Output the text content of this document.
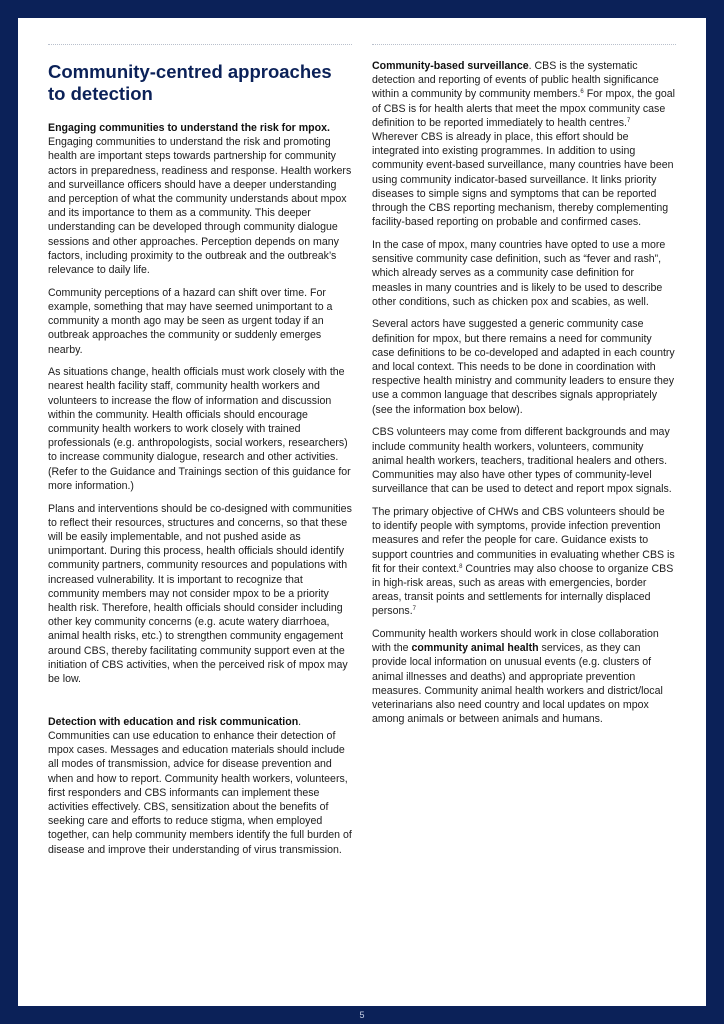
Community-centred approaches to detection

Engaging communities to understand the risk for mpox. Engaging communities to understand the risk and promoting health are important steps towards partnership for community actors in preparedness, readiness and response. Health workers and surveillance officers should have a deeper understanding and perception of what the community understands about mpox and its importance to them as a community. This deeper understanding can be developed through community dialogue sessions and other approaches. Perception depends on many factors, including proximity to the outbreak and the outbreak’s relevance to daily life.

Community perceptions of a hazard can shift over time. For example, something that may have seemed unimportant to a community a month ago may be seen as urgent today if an outbreak approaches the community or suddenly emerges nearby.

As situations change, health officials must work closely with the nearest health facility staff, community health workers and volunteers to increase the flow of information and discussion within the community. Health officials should encourage community health workers to work closely with trained professionals (e.g. anthropologists, social workers, researchers) to increase community dialogue, research and other activities. (Refer to the Guidance and Trainings section of this guidance for more information.)

Plans and interventions should be co-designed with communities to reflect their resources, structures and concerns, so that these will be easily implementable, and not pushed aside as unimportant. During this process, health officials should identify community partners, community resources and populations with increased vulnerability. It is important to recognize that community members may not consider mpox to be a priority health risk. Therefore, health officials should consider including other key community concerns (e.g. acute watery diarrhoea, animal health risks, etc.) to strengthen community engagement around CBS, thereby facilitating community support even at the initiation of CBS activities, when the perceived risk of mpox may be low.

Detection with education and risk communication. Communities can use education to enhance their detection of mpox cases. Messages and education materials should include all modes of transmission, advice for disease prevention and when and how to report. Community health workers, volunteers, first responders and CBS informants can implement these activities effectively. CBS, sensitization about the benefits of seeking care and efforts to reduce stigma, when employed together, can help community members identify the full burden of disease and improve their understanding of virus transmission.

Community-based surveillance. CBS is the systematic detection and reporting of events of public health significance within a community by community members.$^6$ For mpox, the goal of CBS is for health alerts that meet the mpox community case definition to be reported immediately to health centres.$^7$ Wherever CBS is already in place, this effort should be integrated into existing programmes. In addition to using community event-based surveillance, many countries have been using community indicator-based surveillance. It links priority diseases to simple signs and symptoms that can be reported through the CBS reporting mechanism, thereby complementing facility-based reporting on probable and confirmed cases.

In the case of mpox, many countries have opted to use a more sensitive community case definition, such as “fever and rash”, which already serves as a community case definition for measles in many countries and is likely to be used to describe other conditions, such as chicken pox and scabies, as well.

Several actors have suggested a generic community case definition for mpox, but there remains a need for community case definitions to be co-developed and adapted in each country and local context. This needs to be done in coordination with respective health ministry and community leaders to ensure they use a common language that describes signals appropriately (see the information box below).

CBS volunteers may come from different backgrounds and may include community health workers, volunteers, community animal health workers, teachers, traditional healers and others. Communities may also have other types of community-level surveillance that can be used to detect and report mpox signals.

The primary objective of CHWs and CBS volunteers should be to identify people with symptoms, provide infection prevention measures and refer the people for care. Guidance exists to support countries and communities in evaluating whether CBS is fit for their context.$^8$ Countries may also choose to organize CBS in high-risk areas, such as areas with emergencies, border areas, transit points and settlements for internally displaced persons.$^7$

Community health workers should work in close collaboration with the community animal health services, as they can provide local information on unusual events (e.g. clusters of animal illnesses and deaths) and appropriate prevention measures. Community animal health workers and district/local veterinarians also need country and local updates on mpox among animals or between animals and humans.

5
